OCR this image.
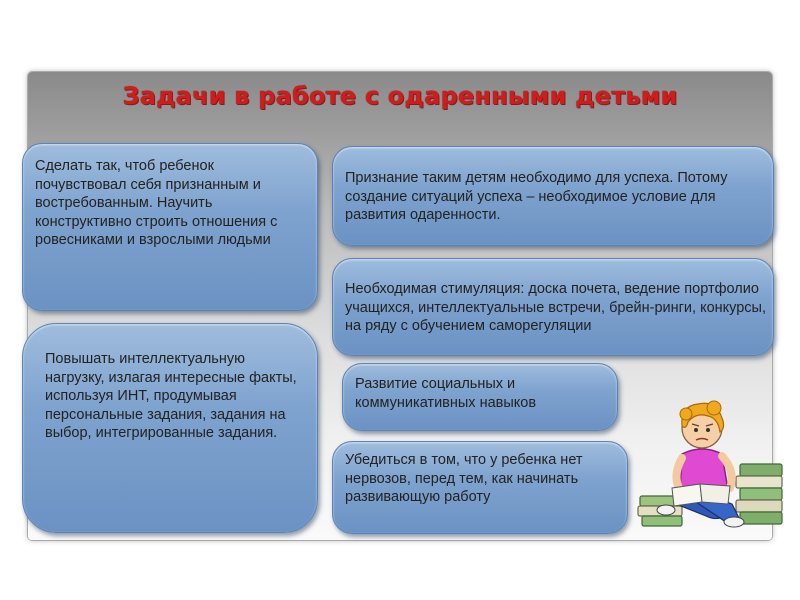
Задачи в работе с одаренными детьми

Сделать так, чтоб ребенок почувствовал себя признанным и востребованным. Научить конструктивно строить отношения с ровесниками и взрослыми людьми

Повышать интеллектуальную нагрузку, излагая интересные факты, используя ИНТ, продумывая персональные задания, задания на выбор, интегрированные задания.

Признание таким детям необходимо для успеха. Потому создание ситуаций успеха – необходимое условие для развития одаренности.

Необходимая стимуляция: доска почета, ведение портфолио учащихся, интеллектуальные встречи, брейн-ринги, конкурсы, на ряду с обучением саморегуляции

Развитие социальных и коммуникативных навыков

Убедиться в том, что у ребенка нет нервозов, перед тем, как начинать развивающую работу
